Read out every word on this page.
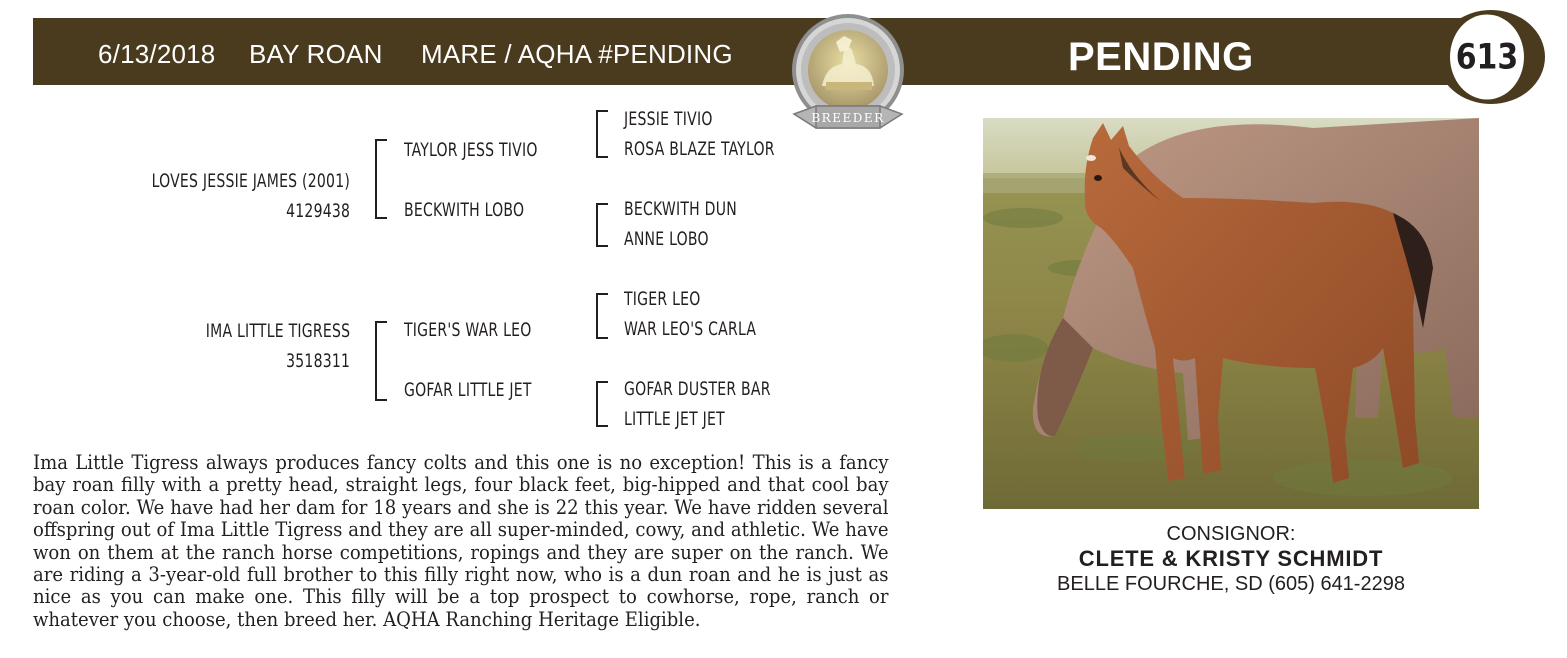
6/13/2018 BAY ROAN MARE / AQHA #PENDING	PENDING	613
BREEDER
LOVES JESSIE JAMES (2001)
4129438
TAYLOR JESS TIVIO
BECKWITH LOBO
JESSIE TIVIO
ROSA BLAZE TAYLOR
BECKWITH DUN
ANNE LOBO
IMA LITTLE TIGRESS
3518311
TIGER'S WAR LEO
GOFAR LITTLE JET
TIGER LEO
WAR LEO'S CARLA
GOFAR DUSTER BAR
LITTLE JET JET
CONSIGNOR:
CLETE & KRISTY SCHMIDT
BELLE FOURCHE, SD (605) 641-2298
Ima Little Tigress always produces fancy colts and this one is no exception! This is a fancy bay roan filly with a pretty head, straight legs, four black feet, big-hipped and that cool bay roan color. We have had her dam for 18 years and she is 22 this year. We have ridden several offspring out of Ima Little Tigress and they are all super-minded, cowy, and athletic. We have won on them at the ranch horse competitions, ropings and they are super on the ranch. We are riding a 3-year-old full brother to this filly right now, who is a dun roan and he is just as nice as you can make one. This filly will be a top prospect to cowhorse, rope, ranch or whatever you choose, then breed her. AQHA Ranching Heritage Eligible.
